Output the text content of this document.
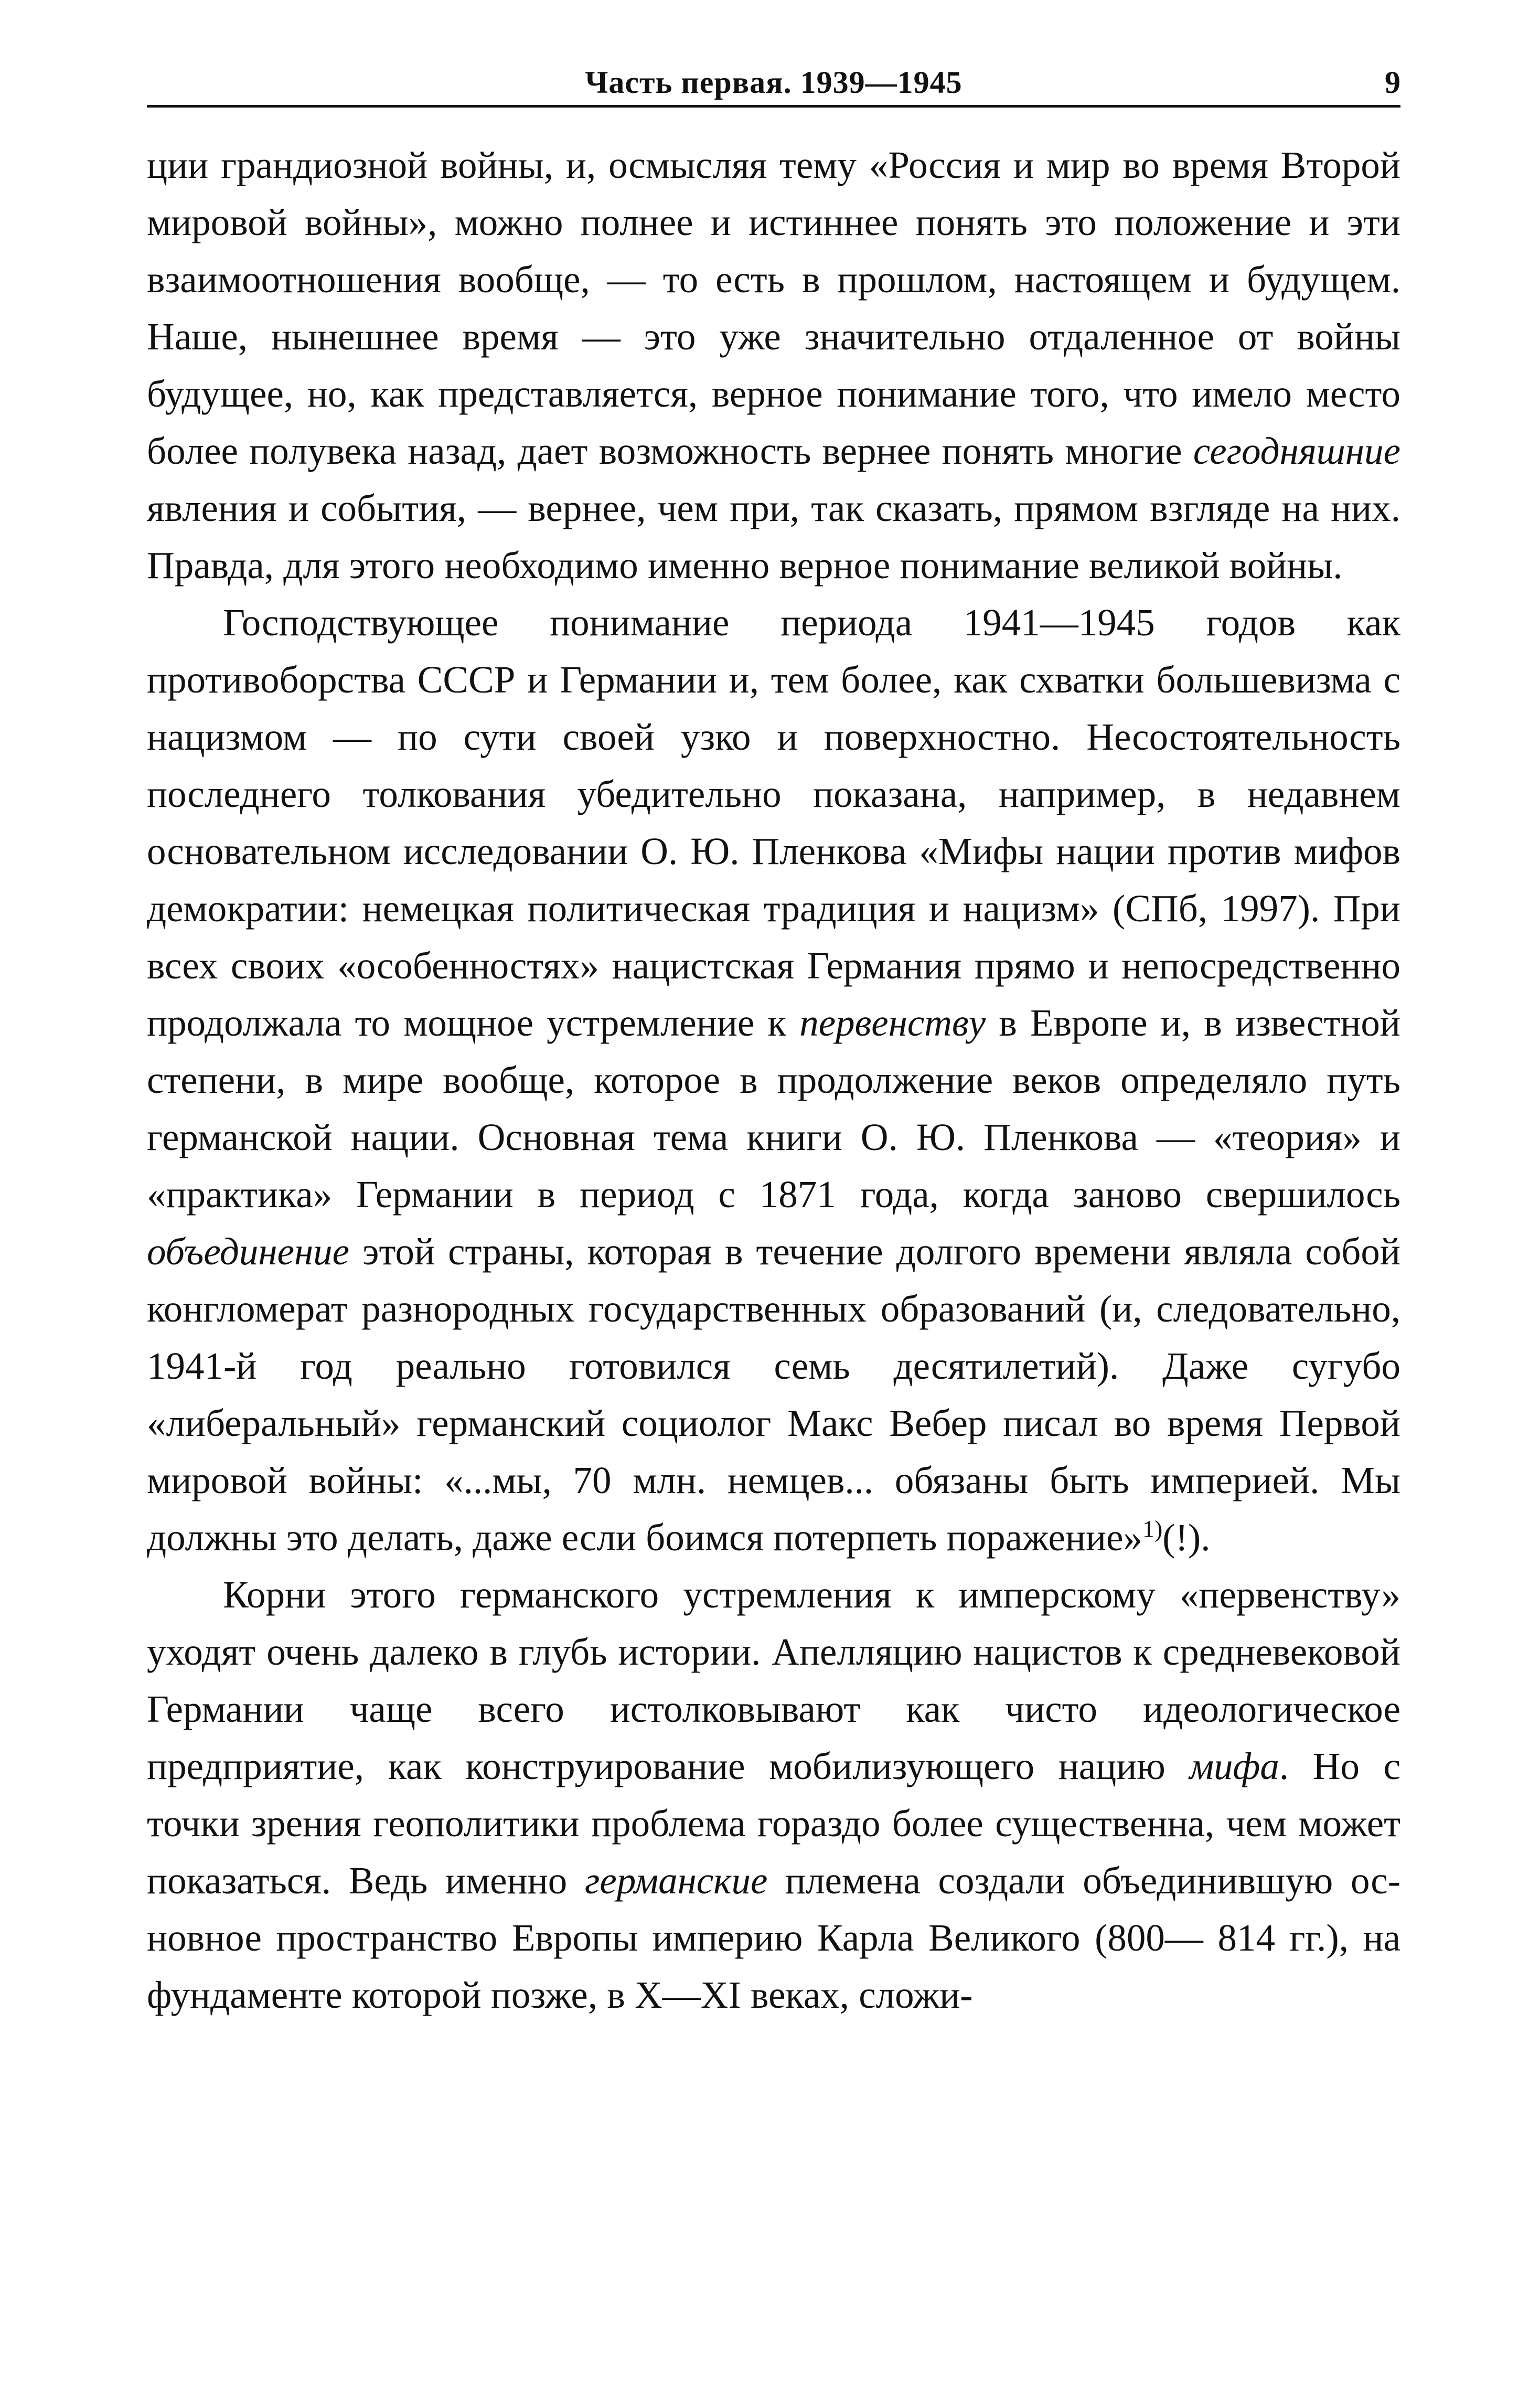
Часть первая. 1939—1945	9

ции грандиозной войны, и, осмысляя тему «Россия и мир во время Второй мировой войны», можно полнее и истиннее понять это положение и эти взаимоотношения вообще, — то есть в прошлом, настоящем и будущем. Наше, нынешнее время — это уже значительно отдаленное от войны будущее, но, как представляется, верное понимание того, что имело место более полувека назад, дает возможность вернее понять многие сегодняшние явления и события, — вернее, чем при, так сказать, прямом взгляде на них. Правда, для этого необходимо именно верное понимание великой войны.

Господствующее понимание периода 1941—1945 годов как противоборства СССР и Германии и, тем более, как схватки большевизма с нацизмом — по сути своей узко и поверхностно. Несостоятельность последнего толкования убедительно показана, например, в недавнем основательном исследовании О. Ю. Пленкова «Мифы нации против мифов демократии: немецкая политическая традиция и нацизм» (СПб, 1997). При всех своих «особенностях» нацистская Германия прямо и непосредственно продолжала то мощное устремление к первенству в Европе и, в известной степени, в мире вообще, которое в продолжение веков определяло путь германской нации. Основная тема книги О. Ю. Пленкова — «теория» и «практика» Германии в период с 1871 года, когда заново свершилось объединение этой страны, которая в течение долгого времени являла собой конгломерат разнородных государственных образований (и, следовательно, 1941-й год реально готовился семь десятилетий). Даже сугубо «либеральный» германский социолог Макс Вебер писал во время Первой мировой войны: «...мы, 70 млн. немцев... обязаны быть империей. Мы должны это делать, даже если боимся потерпеть поражение»$^{1)}$(!).

Корни этого германского устремления к имперскому «первенству» уходят очень далеко в глубь истории. Апелляцию нацистов к средневековой Германии чаще всего истолковывают как чисто идеологическое предприятие, как конструирование мобилизующего нацию мифа. Но с точки зрения геополитики проблема гораздо более существенна, чем может показаться. Ведь именно германские племена создали объединившую основное пространство Европы империю Карла Великого (800— 814 гг.), на фундаменте которой позже, в X—XI веках, сложи-
